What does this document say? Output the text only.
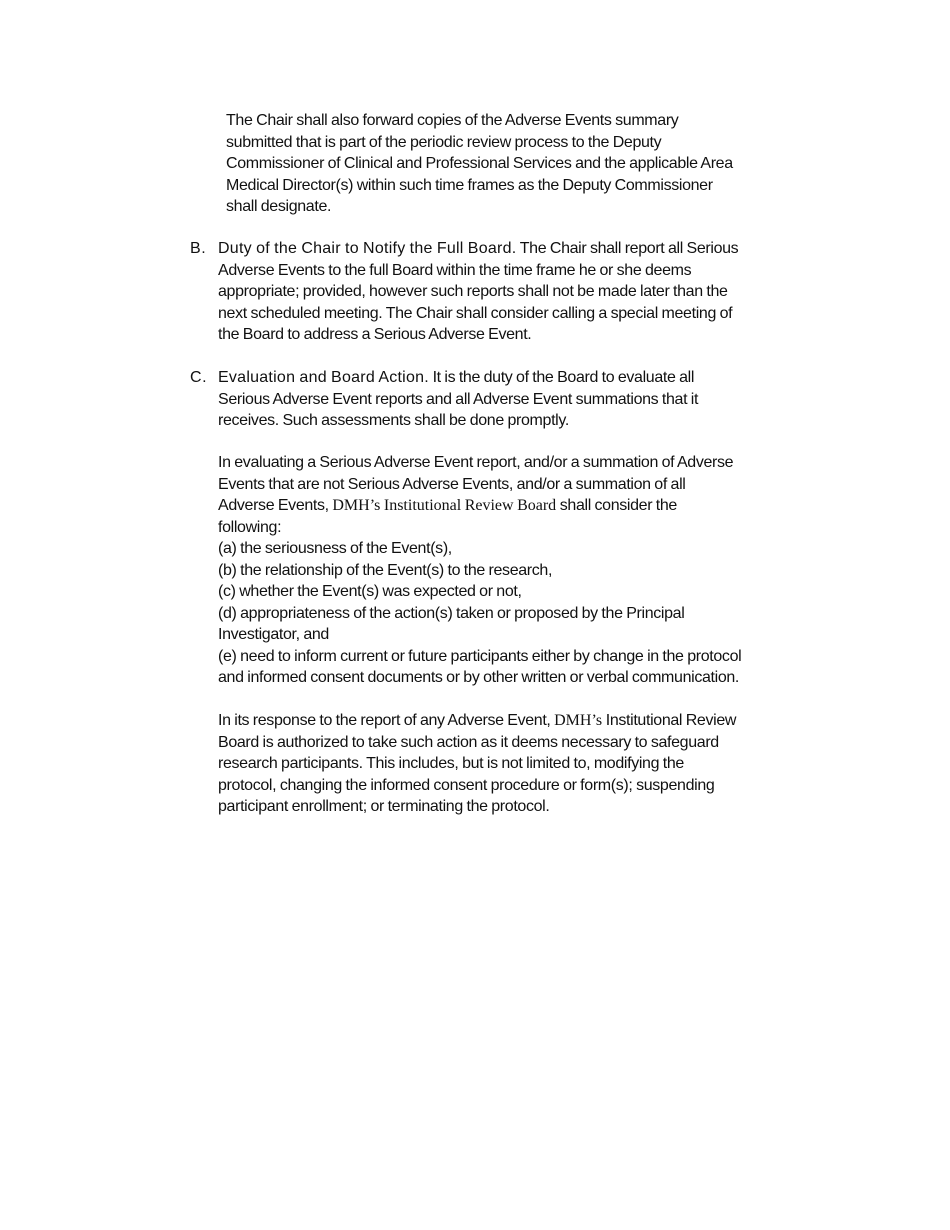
The Chair shall also forward copies of the Adverse Events summary
submitted that is part of the periodic review process to the Deputy
Commissioner of Clinical and Professional Services and the applicable Area
Medical Director(s) within such time frames as the Deputy Commissioner
shall designate.

B. Duty of the Chair to Notify the Full Board. The Chair shall report all Serious
Adverse Events to the full Board within the time frame he or she deems
appropriate; provided, however such reports shall not be made later than the
next scheduled meeting. The Chair shall consider calling a special meeting of
the Board to address a Serious Adverse Event.

C. Evaluation and Board Action. It is the duty of the Board to evaluate all
Serious Adverse Event reports and all Adverse Event summations that it
receives. Such assessments shall be done promptly.

In evaluating a Serious Adverse Event report, and/or a summation of Adverse
Events that are not Serious Adverse Events, and/or a summation of all
Adverse Events, DMH’s Institutional Review Board shall consider the
following:
(a) the seriousness of the Event(s),
(b) the relationship of the Event(s) to the research,
(c) whether the Event(s) was expected or not,
(d) appropriateness of the action(s) taken or proposed by the Principal
Investigator, and
(e) need to inform current or future participants either by change in the protocol
and informed consent documents or by other written or verbal communication.

In its response to the report of any Adverse Event, DMH’s Institutional Review
Board is authorized to take such action as it deems necessary to safeguard
research participants. This includes, but is not limited to, modifying the
protocol, changing the informed consent procedure or form(s); suspending
participant enrollment; or terminating the protocol.
